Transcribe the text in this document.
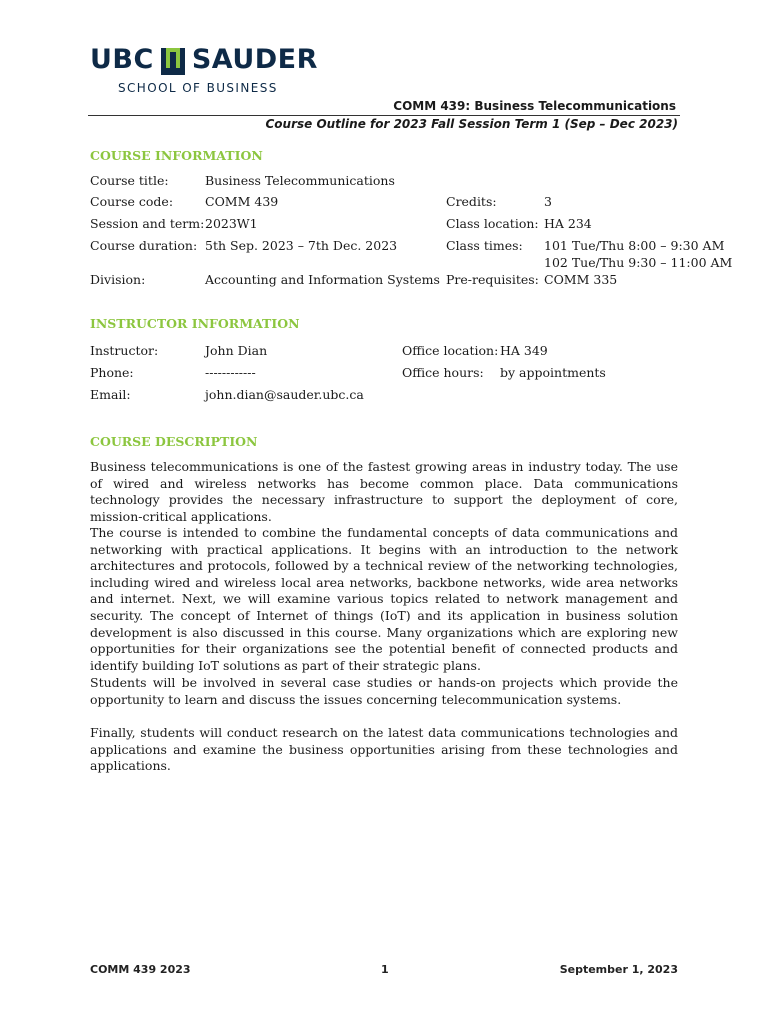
UBC SAUDER
SCHOOL OF BUSINESS
COMM 439: Business Telecommunications
Course Outline for 2023 Fall Session Term 1 (Sep – Dec 2023)
COURSE INFORMATION
Course title:	Business Telecommunications
Course code:	COMM 439	Credits:	3
Session and term: 2023W1	Class location: HA 234
Course duration: 5th Sep. 2023 – 7th Dec. 2023	Class times: 101 Tue/Thu 8:00 – 9:30 AM
102 Tue/Thu 9:30 – 11:00 AM
Division:	Accounting and Information Systems Pre-requisites: COMM 335
INSTRUCTOR INFORMATION
Instructor:	John Dian	Office location: HA 349
Phone:	------------	Office hours: by appointments
Email:	john.dian@sauder.ubc.ca
COURSE DESCRIPTION

Business telecommunications is one of the fastest growing areas in industry today. The use of wired and wireless networks has become common place. Data communications technology provides the necessary infrastructure to support the deployment of core, mission-critical applications.

The course is intended to combine the fundamental concepts of data communications and networking with practical applications. It begins with an introduction to the network architectures and protocols, followed by a technical review of the networking technologies, including wired and wireless local area networks, backbone networks, wide area networks and internet. Next, we will examine various topics related to network management and security. The concept of Internet of things (IoT) and its application in business solution development is also discussed in this course. Many organizations which are exploring new opportunities for their organizations see the potential benefit of connected products and identify building IoT solutions as part of their strategic plans.

Students will be involved in several case studies or hands-on projects which provide the opportunity to learn and discuss the issues concerning telecommunication systems.

Finally, students will conduct research on the latest data communications technologies and applications and examine the business opportunities arising from these technologies and applications.

COMM 439 2023	1	September 1, 2023
